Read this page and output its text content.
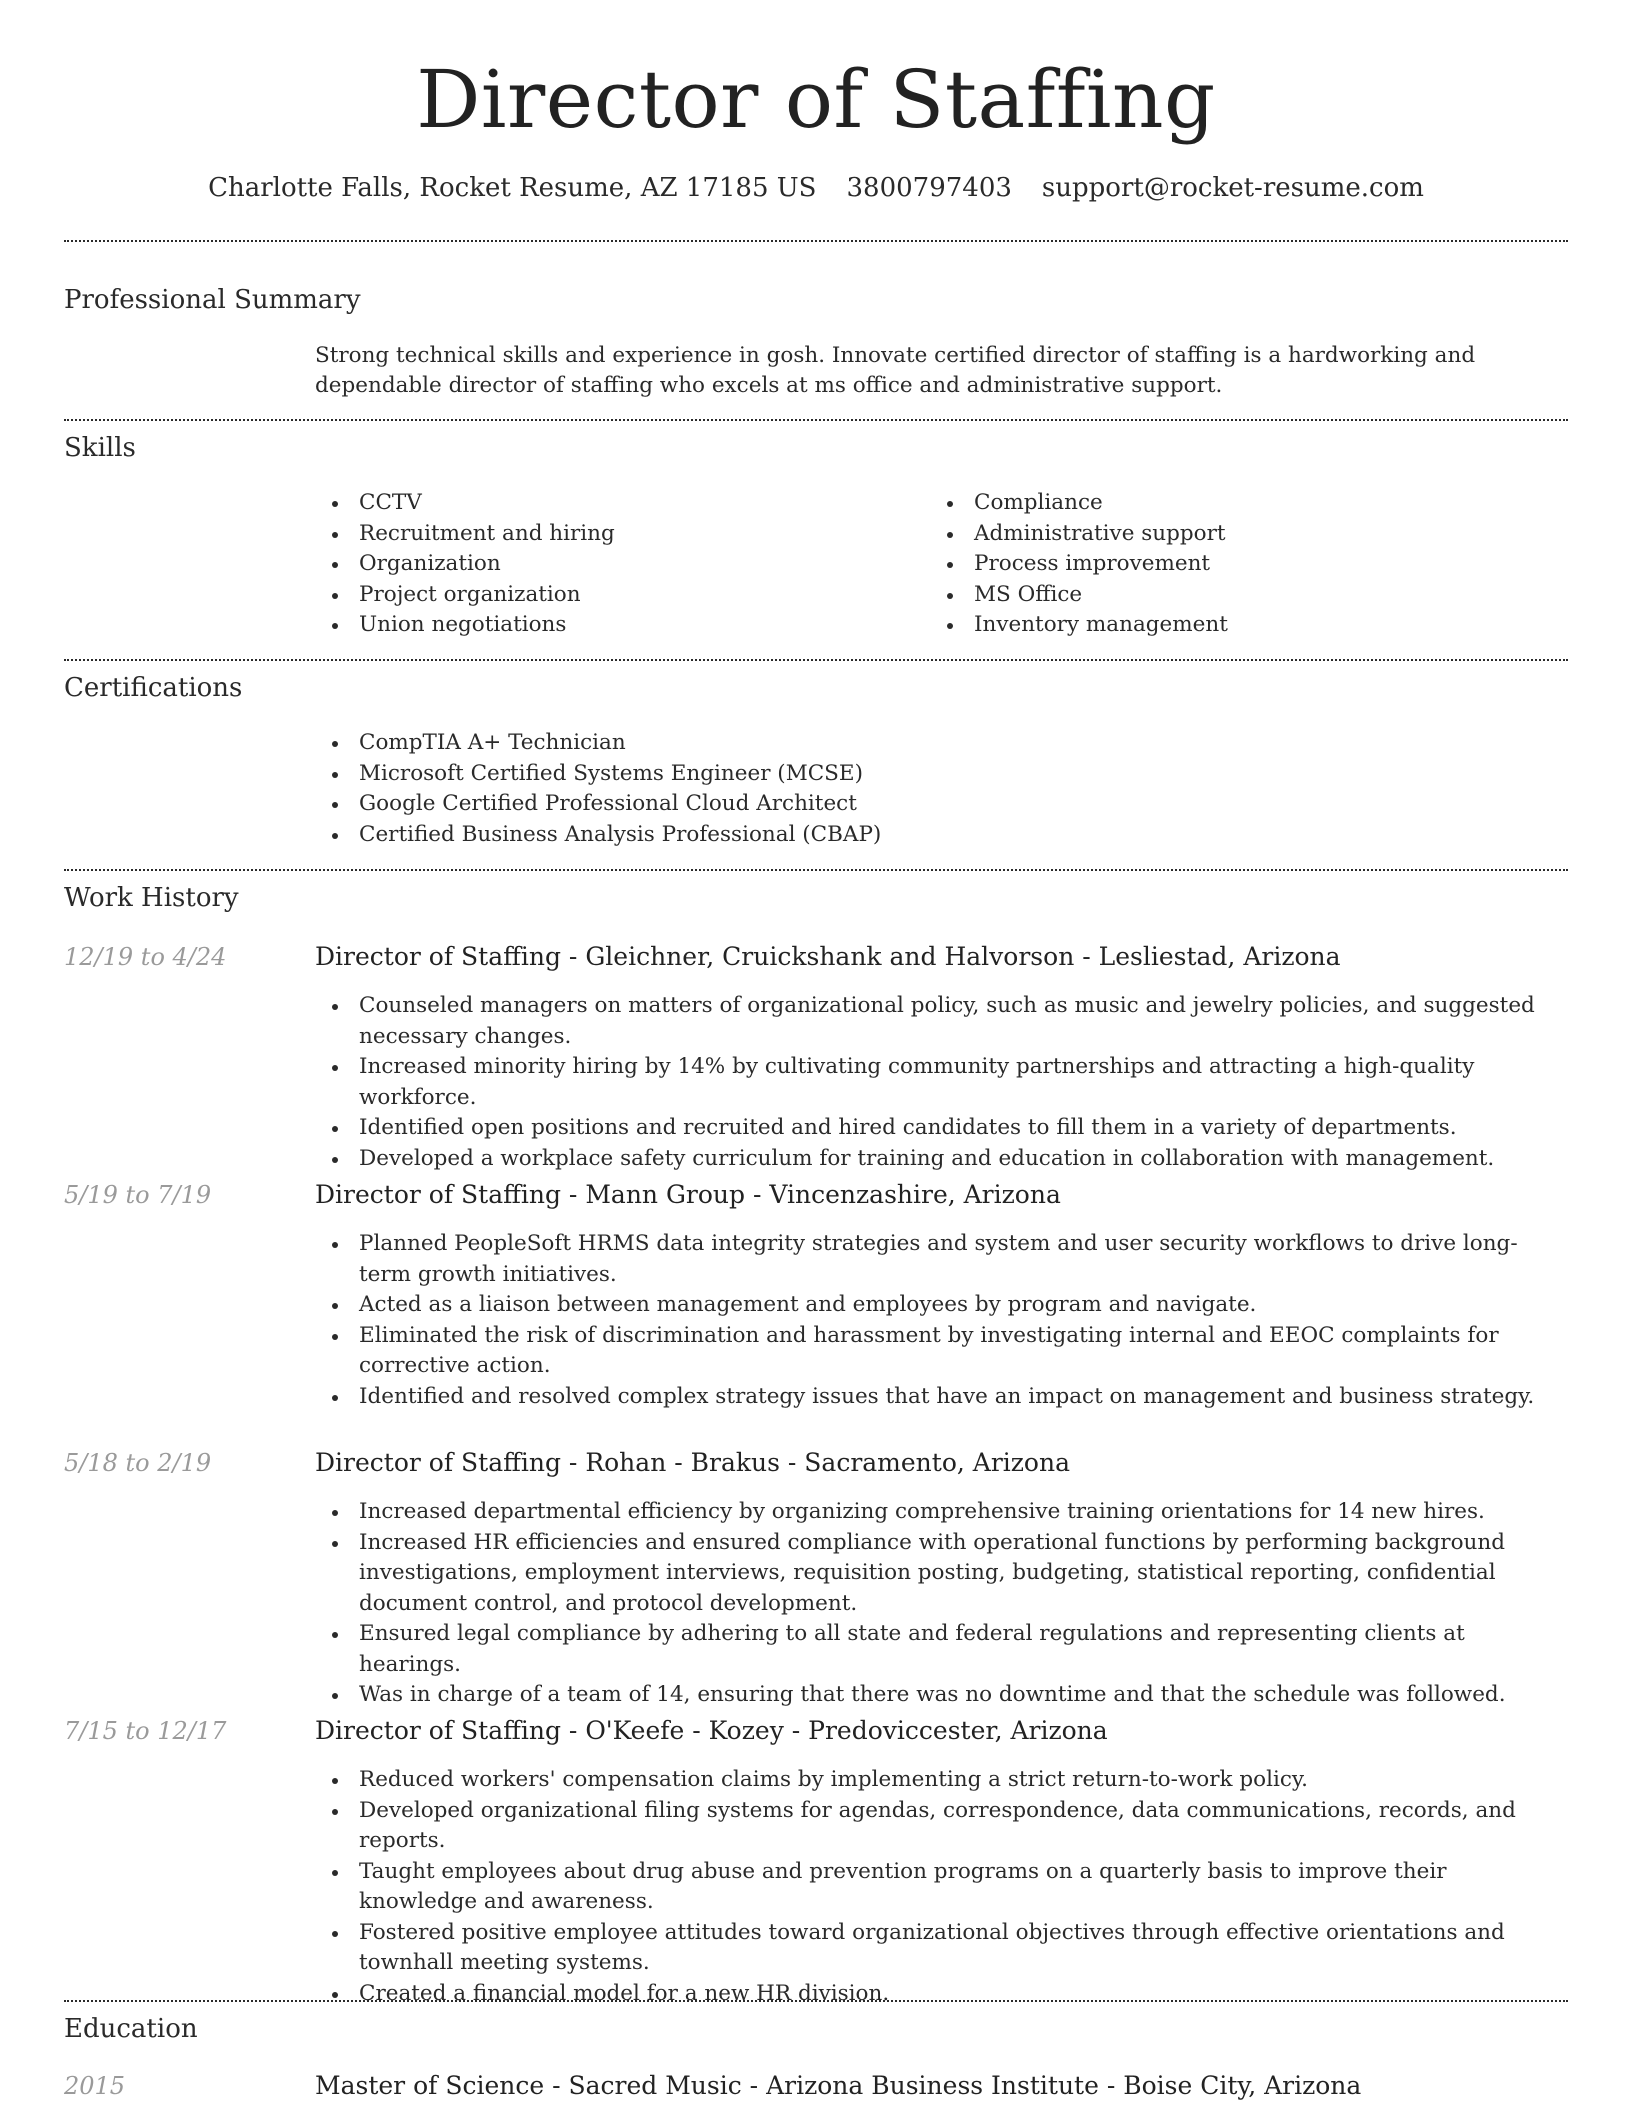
Director of Staffing
Charlotte Falls, Rocket Resume, AZ 17185 US 3800797403 support@rocket-resume.com
Professional Summary
Strong technical skills and experience in gosh. Innovate certified director of staffing is a hardworking and dependable director of staffing who excels at ms office and administrative support.
Skills
CCTV
Recruitment and hiring
Organization
Project organization
Union negotiations
Compliance
Administrative support
Process improvement
MS Office
Inventory management
Certifications
CompTIA A+ Technician
Microsoft Certified Systems Engineer (MCSE)
Google Certified Professional Cloud Architect
Certified Business Analysis Professional (CBAP)
Work History
12/19 to 4/24	Director of Staffing - Gleichner, Cruickshank and Halvorson - Lesliestad, Arizona
Counseled managers on matters of organizational policy, such as music and jewelry policies, and suggested necessary changes.
Increased minority hiring by 14% by cultivating community partnerships and attracting a high-quality workforce.
Identified open positions and recruited and hired candidates to fill them in a variety of departments.
Developed a workplace safety curriculum for training and education in collaboration with management.
5/19 to 7/19	Director of Staffing - Mann Group - Vincenzashire, Arizona
Planned PeopleSoft HRMS data integrity strategies and system and user security workflows to drive long-term growth initiatives.
Acted as a liaison between management and employees by program and navigate.
Eliminated the risk of discrimination and harassment by investigating internal and EEOC complaints for corrective action.
Identified and resolved complex strategy issues that have an impact on management and business strategy.
5/18 to 2/19	Director of Staffing - Rohan - Brakus - Sacramento, Arizona
Increased departmental efficiency by organizing comprehensive training orientations for 14 new hires.
Increased HR efficiencies and ensured compliance with operational functions by performing background investigations, employment interviews, requisition posting, budgeting, statistical reporting, confidential document control, and protocol development.
Ensured legal compliance by adhering to all state and federal regulations and representing clients at hearings.
Was in charge of a team of 14, ensuring that there was no downtime and that the schedule was followed.
7/15 to 12/17	Director of Staffing - O'Keefe - Kozey - Predoviccester, Arizona
Reduced workers' compensation claims by implementing a strict return-to-work policy.
Developed organizational filing systems for agendas, correspondence, data communications, records, and reports.
Taught employees about drug abuse and prevention programs on a quarterly basis to improve their knowledge and awareness.
Fostered positive employee attitudes toward organizational objectives through effective orientations and townhall meeting systems.
Created a financial model for a new HR division.
Education
2015	Master of Science - Sacred Music - Arizona Business Institute - Boise City, Arizona
